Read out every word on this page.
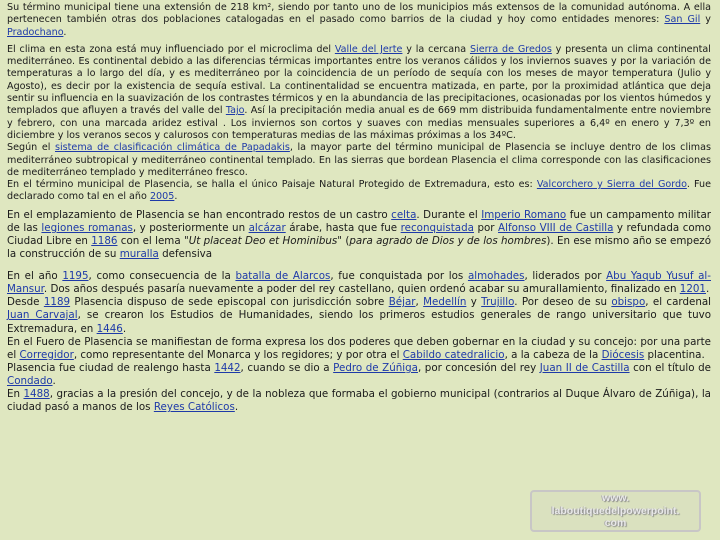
Su término municipal tiene una extensión de 218 km², siendo por tanto uno de los municipios más extensos de la comunidad autónoma. A ella pertenecen también otras dos poblaciones catalogadas en el pasado como barrios de la ciudad y hoy como entidades menores: San Gil y Pradochano.

El clima en esta zona está muy influenciado por el microclima del Valle del Jerte y la cercana Sierra de Gredos y presenta un clima continental mediterráneo. Es continental debido a las diferencias térmicas importantes entre los veranos cálidos y los inviernos suaves y por la variación de temperaturas a lo largo del día, y es mediterráneo por la coincidencia de un período de sequía con los meses de mayor temperatura (Julio y Agosto), es decir por la existencia de sequía estival. La continentalidad se encuentra matizada, en parte, por la proximidad atlántica que deja sentir su influencia en la suavización de los contrastes térmicos y en la abundancia de las precipitaciones, ocasionadas por los vientos húmedos y templados que afluyen a través del valle del Tajo. Así la precipitación media anual es de 669 mm distribuida fundamentalmente entre noviembre y febrero, con una marcada aridez estival . Los inviernos son cortos y suaves con medias mensuales superiores a 6,4º en enero y 7,3º en diciembre y los veranos secos y calurosos con temperaturas medias de las máximas próximas a los 34ºC.

Según el sistema de clasificación climática de Papadakis, la mayor parte del término municipal de Plasencia se incluye dentro de los climas mediterráneo subtropical y mediterráneo continental templado. En las sierras que bordean Plasencia el clima corresponde con las clasificaciones de mediterráneo templado y mediterráneo fresco.

En el término municipal de Plasencia, se halla el único Paisaje Natural Protegido de Extremadura, esto es: Valcorchero y Sierra del Gordo. Fue declarado como tal en el año 2005.

En el emplazamiento de Plasencia se han encontrado restos de un castro celta. Durante el Imperio Romano fue un campamento militar de las legiones romanas, y posteriormente un alcázar árabe, hasta que fue reconquistada por Alfonso VIII de Castilla y refundada como Ciudad Libre en 1186 con el lema "Ut placeat Deo et Hominibus" (para agrado de Dios y de los hombres). En ese mismo año se empezó la construcción de su muralla defensiva

En el año 1195, como consecuencia de la batalla de Alarcos, fue conquistada por los almohades, liderados por Abu Yaqub Yusuf al-Mansur. Dos años después pasaría nuevamente a poder del rey castellano, quien ordenó acabar su amurallamiento, finalizado en 1201.

Desde 1189 Plasencia dispuso de sede episcopal con jurisdicción sobre Béjar, Medellín y Trujillo. Por deseo de su obispo, el cardenal Juan Carvajal, se crearon los Estudios de Humanidades, siendo los primeros estudios generales de rango universitario que tuvo Extremadura, en 1446.

En el Fuero de Plasencia se manifiestan de forma expresa los dos poderes que deben gobernar en la ciudad y su concejo: por una parte el Corregidor, como representante del Monarca y los regidores; y por otra el Cabildo catedralicio, a la cabeza de la Diócesis placentina.

Plasencia fue ciudad de realengo hasta 1442, cuando se dio a Pedro de Zúñiga, por concesión del rey Juan II de Castilla con el título de Condado.

En 1488, gracias a la presión del concejo, y de la nobleza que formaba el gobierno municipal (contrarios al Duque Álvaro de Zúñiga), la ciudad pasó a manos de los Reyes Católicos.

www.
laboutiquedelpowerpoint.
com
